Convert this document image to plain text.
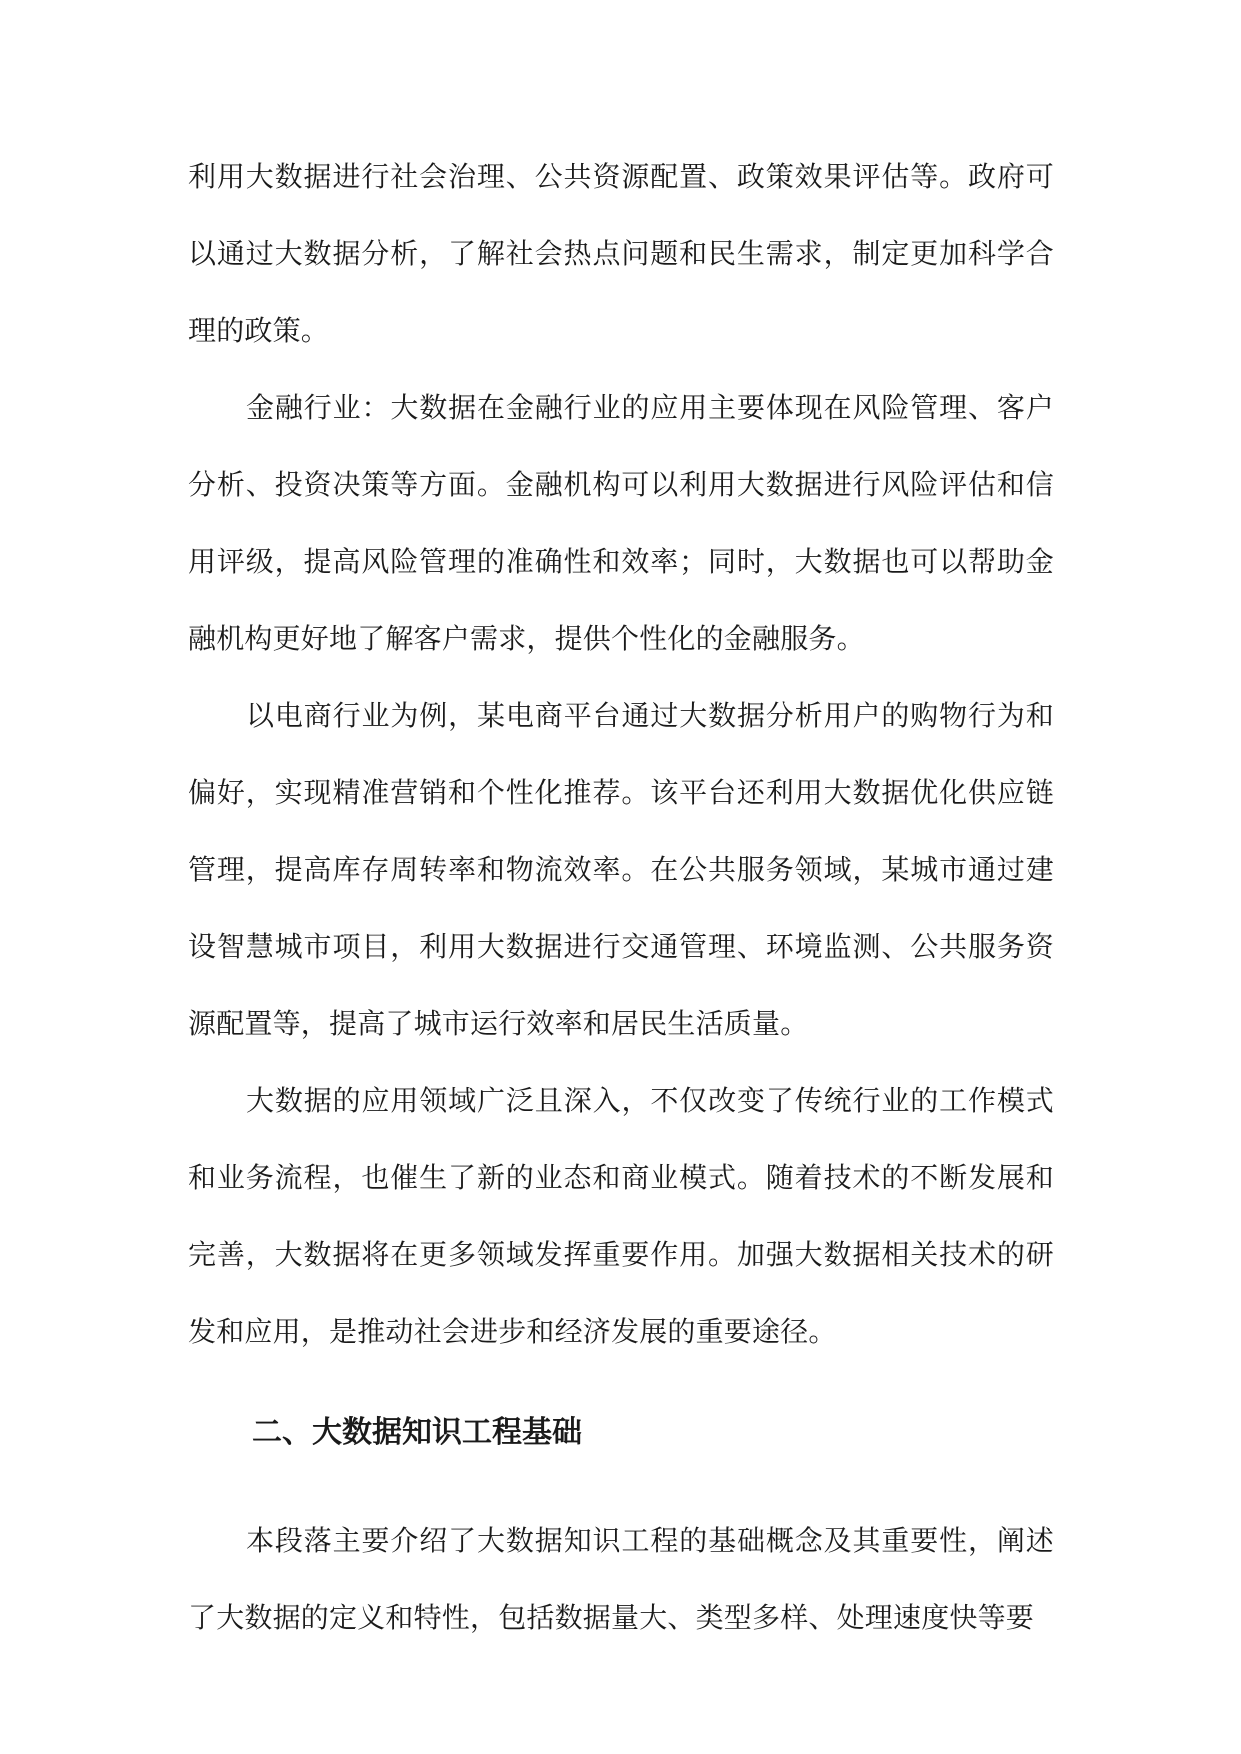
利用大数据进行社会治理、公共资源配置、政策效果评估等。政府可以通过大数据分析，了解社会热点问题和民生需求，制定更加科学合理的政策。

金融行业：大数据在金融行业的应用主要体现在风险管理、客户分析、投资决策等方面。金融机构可以利用大数据进行风险评估和信用评级，提高风险管理的准确性和效率；同时，大数据也可以帮助金融机构更好地了解客户需求，提供个性化的金融服务。

以电商行业为例，某电商平台通过大数据分析用户的购物行为和偏好，实现精准营销和个性化推荐。该平台还利用大数据优化供应链管理，提高库存周转率和物流效率。在公共服务领域，某城市通过建设智慧城市项目，利用大数据进行交通管理、环境监测、公共服务资源配置等，提高了城市运行效率和居民生活质量。

大数据的应用领域广泛且深入，不仅改变了传统行业的工作模式和业务流程，也催生了新的业态和商业模式。随着技术的不断发展和完善，大数据将在更多领域发挥重要作用。加强大数据相关技术的研发和应用，是推动社会进步和经济发展的重要途径。

二、大数据知识工程基础

本段落主要介绍了大数据知识工程的基础概念及其重要性，阐述了大数据的定义和特性，包括数据量大、类型多样、处理速度快等要
